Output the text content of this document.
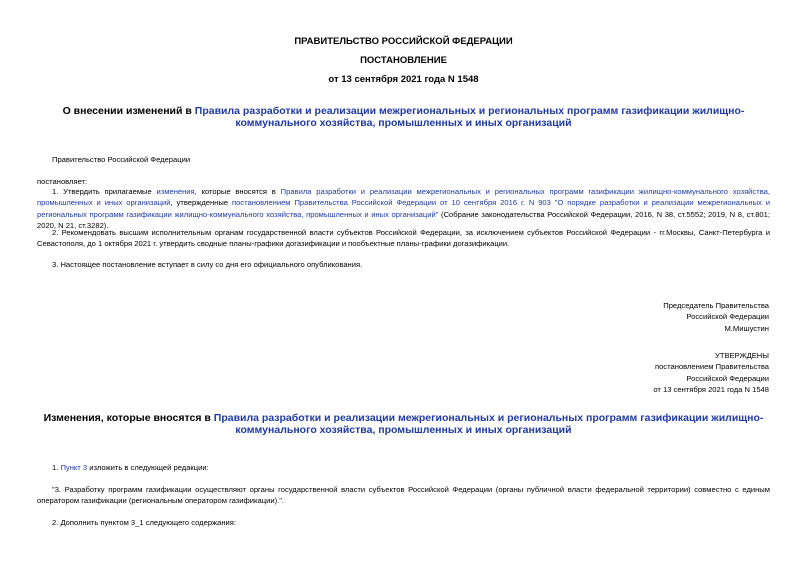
ПРАВИТЕЛЬСТВО РОССИЙСКОЙ ФЕДЕРАЦИИ
ПОСТАНОВЛЕНИЕ
от 13 сентября 2021 года N 1548
О внесении изменений в Правила разработки и реализации межрегиональных и региональных программ газификации жилищно-коммунального хозяйства, промышленных и иных организаций
Правительство Российской Федерации
постановляет:
1. Утвердить прилагаемые изменения, которые вносятся в Правила разработки и реализации межрегиональных и региональных программ газификации жилищно-коммунального хозяйства, промышленных и иных организаций, утвержденные постановлением Правительства Российской Федерации от 10 сентября 2016 г. N 903 "О порядке разработки и реализации межрегиональных и региональных программ газификации жилищно-коммунального хозяйства, промышленных и иных организаций" (Собрание законодательства Российской Федерации, 2016, N 38, ст.5552; 2019, N 8, ст.801; 2020, N 21, ст.3282).
2. Рекомендовать высшим исполнительным органам государственной власти субъектов Российской Федерации, за исключением субъектов Российской Федерации - гг.Москвы, Санкт-Петербурга и Севастополя, до 1 октября 2021 г. утвердить сводные планы-графики догазификации и пообъектные планы-графики догазификации.
3. Настоящее постановление вступает в силу со дня его официального опубликования.
Председатель Правительства
Российской Федерации
М.Мишустин
УТВЕРЖДЕНЫ
постановлением Правительства
Российской Федерации
от 13 сентября 2021 года N 1548
Изменения, которые вносятся в Правила разработки и реализации межрегиональных и региональных программ газификации жилищно-коммунального хозяйства, промышленных и иных организаций
1. Пункт 3 изложить в следующей редакции:
"3. Разработку программ газификации осуществляют органы государственной власти субъектов Российской Федерации (органы публичной власти федеральной территории) совместно с единым оператором газификации (региональным оператором газификации).".
2. Дополнить пунктом 3_1 следующего содержания:
